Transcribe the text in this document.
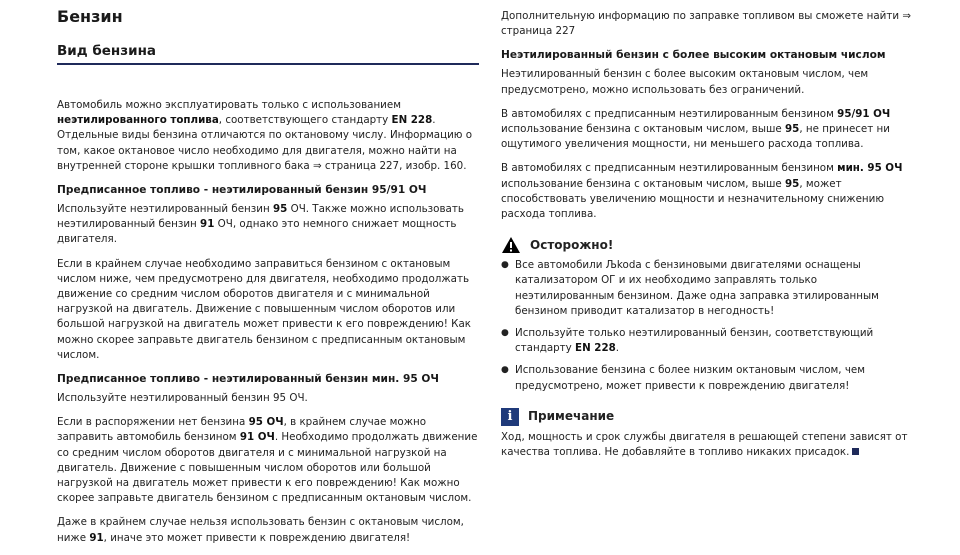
Бензин
Вид бензина

Автомобиль можно эксплуатировать только с использованием неэтилированного топлива, соответствующего стандарту EN 228. Отдельные виды бензина отличаются по октановому числу. Информацию о том, какое октановое число необходимо для двигателя, можно найти на внутренней стороне крышки топливного бака ⇒ страница 227, изобр. 160.

Предписанное топливо - неэтилированный бензин 95/91 ОЧ

Используйте неэтилированный бензин 95 ОЧ. Также можно использовать неэтилированный бензин 91 ОЧ, однако это немного снижает мощность двигателя.

Если в крайнем случае необходимо заправиться бензином с октановым числом ниже, чем предусмотрено для двигателя, необходимо продолжать движение со средним числом оборотов двигателя и с минимальной нагрузкой на двигатель. Движение с повышенным числом оборотов или большой нагрузкой на двигатель может привести к его повреждению! Как можно скорее заправьте двигатель бензином с предписанным октановым числом.

Предписанное топливо - неэтилированный бензин мин. 95 ОЧ

Используйте неэтилированный бензин 95 ОЧ.

Если в распоряжении нет бензина 95 ОЧ, в крайнем случае можно заправить автомобиль бензином 91 ОЧ. Необходимо продолжать движение со средним числом оборотов двигателя и с минимальной нагрузкой на двигатель. Движение с повышенным числом оборотов или большой нагрузкой на двигатель может привести к его повреждению! Как можно скорее заправьте двигатель бензином с предписанным октановым числом.

Даже в крайнем случае нельзя использовать бензин с октановым числом, ниже 91, иначе это может привести к повреждению двигателя!

Дополнительную информацию по заправке топливом вы сможете найти ⇒ страница 227

Неэтилированный бензин с более высоким октановым числом

Неэтилированный бензин с более высоким октановым числом, чем предусмотрено, можно использовать без ограничений.

В автомобилях с предписанным неэтилированным бензином 95/91 ОЧ использование бензина с октановым числом, выше 95, не принесет ни ощутимого увеличения мощности, ни меньшего расхода топлива.

В автомобилях с предписанным неэтилированным бензином мин. 95 ОЧ использование бензина с октановым числом, выше 95, может способствовать увеличению мощности и незначительному снижению расхода топлива.

Осторожно!
● Все автомобили Љkoda с бензиновыми двигателями оснащены катализатором ОГ и их необходимо заправлять только неэтилированным бензином. Даже одна заправка этилированным бензином приводит катализатор в негодность!
● Используйте только неэтилированный бензин, соответствующий стандарту EN 228.
● Использование бензина с более низким октановым числом, чем предусмотрено, может привести к повреждению двигателя!
i	Примечание

Ход, мощность и срок службы двигателя в решающей степени зависят от качества топлива. Не добавляйте в топливо никаких присадок.
